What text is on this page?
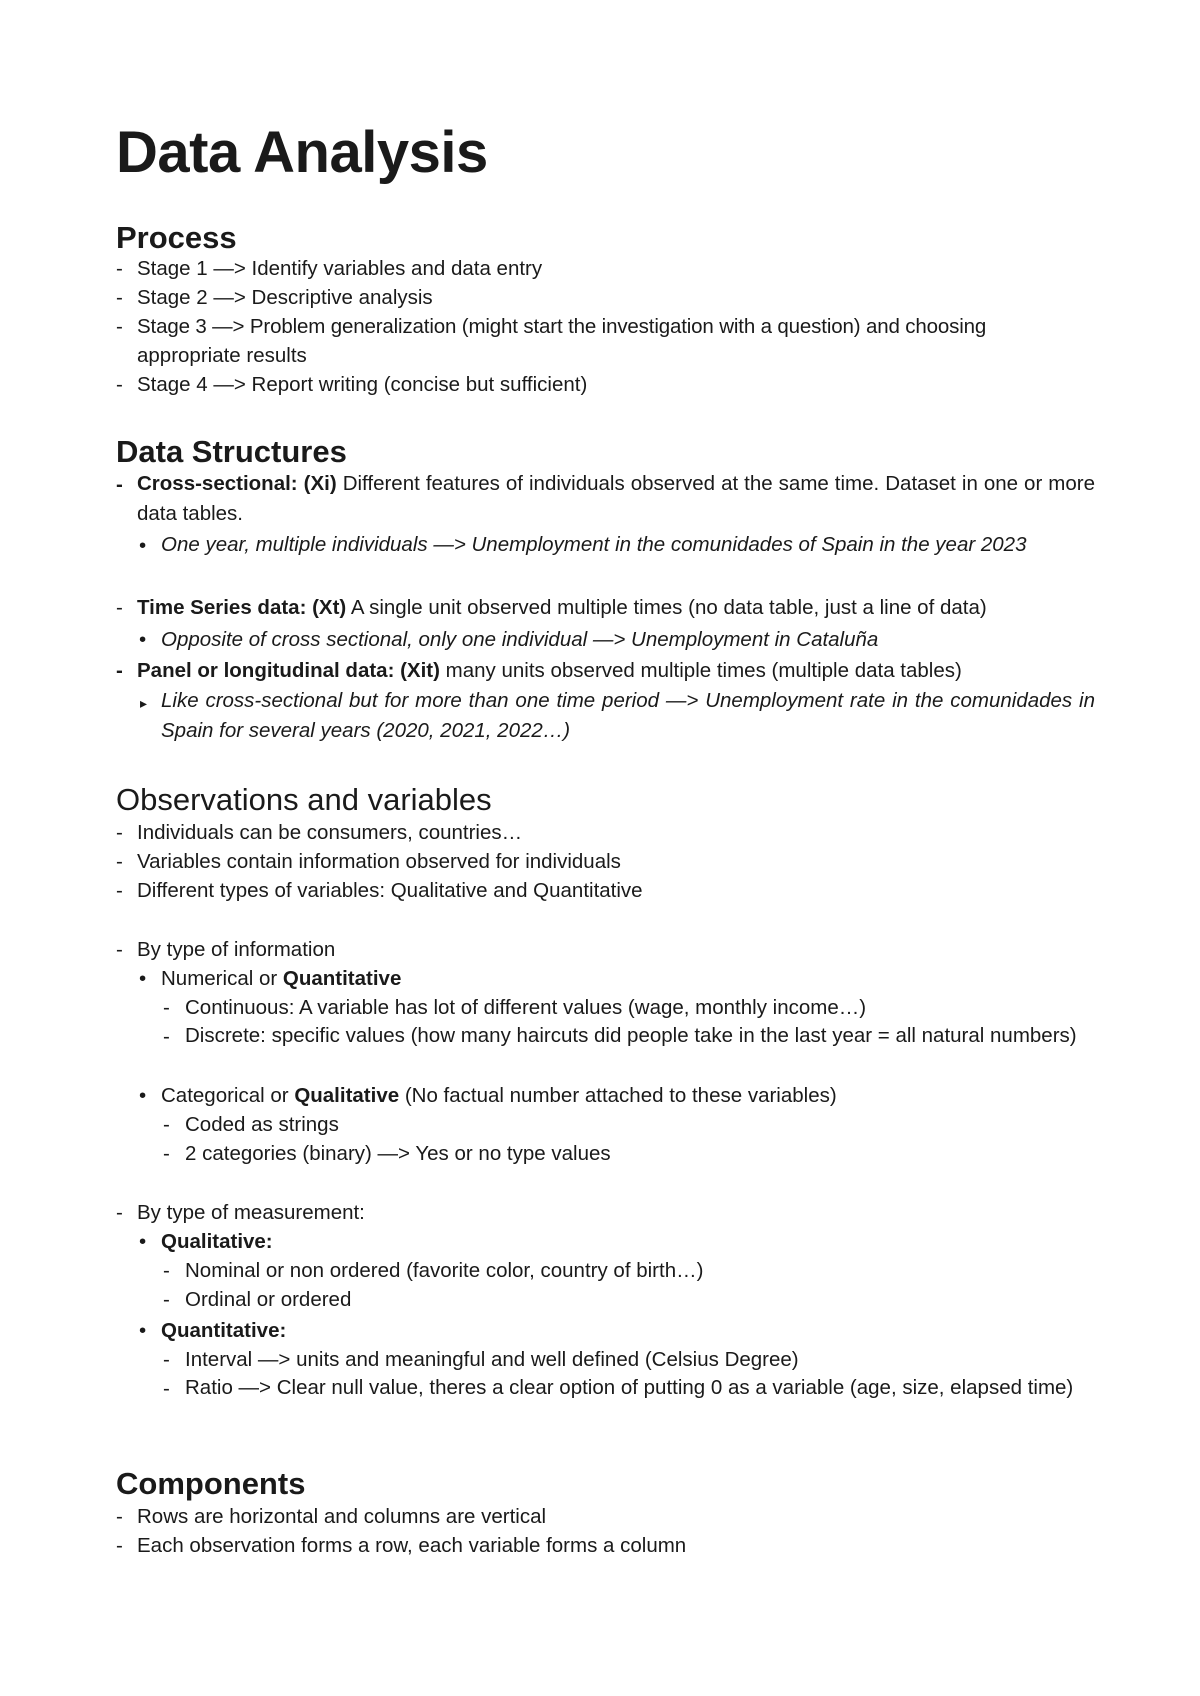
Data Analysis
Process
- Stage 1 —> Identify variables and data entry
- Stage 2 —> Descriptive analysis
- Stage 3 —> Problem generalization (might start the investigation with a question) and choosing
appropriate results
- Stage 4 —> Report writing (concise but sufficient)
Data Structures
- Cross-sectional: (Xi) Different features of individuals observed at the same time. Dataset in one or more data tables.
• One year, multiple individuals —> Unemployment in the comunidades of Spain in the year 2023
- Time Series data: (Xt) A single unit observed multiple times (no data table, just a line of data)
• Opposite of cross sectional, only one individual —> Unemployment in Cataluña
- Panel or longitudinal data: (Xit) many units observed multiple times (multiple data tables)
▸ Like cross-sectional but for more than one time period —> Unemployment rate in the comunidades in Spain for several years (2020, 2021, 2022…)
Observations and variables
- Individuals can be consumers, countries…
- Variables contain information observed for individuals
- Different types of variables: Qualitative and Quantitative
- By type of information
• Numerical or Quantitative
- Continuous: A variable has lot of different values (wage, monthly income…)
- Discrete: specific values (how many haircuts did people take in the last year = all natural numbers)
• Categorical or Qualitative (No factual number attached to these variables)
- Coded as strings
- 2 categories (binary) —> Yes or no type values
- By type of measurement:
• Qualitative:
- Nominal or non ordered (favorite color, country of birth…)
- Ordinal or ordered
• Quantitative:
- Interval —> units and meaningful and well defined (Celsius Degree)
- Ratio —> Clear null value, theres a clear option of putting 0 as a variable (age, size, elapsed time)
Components
- Rows are horizontal and columns are vertical
- Each observation forms a row, each variable forms a column
